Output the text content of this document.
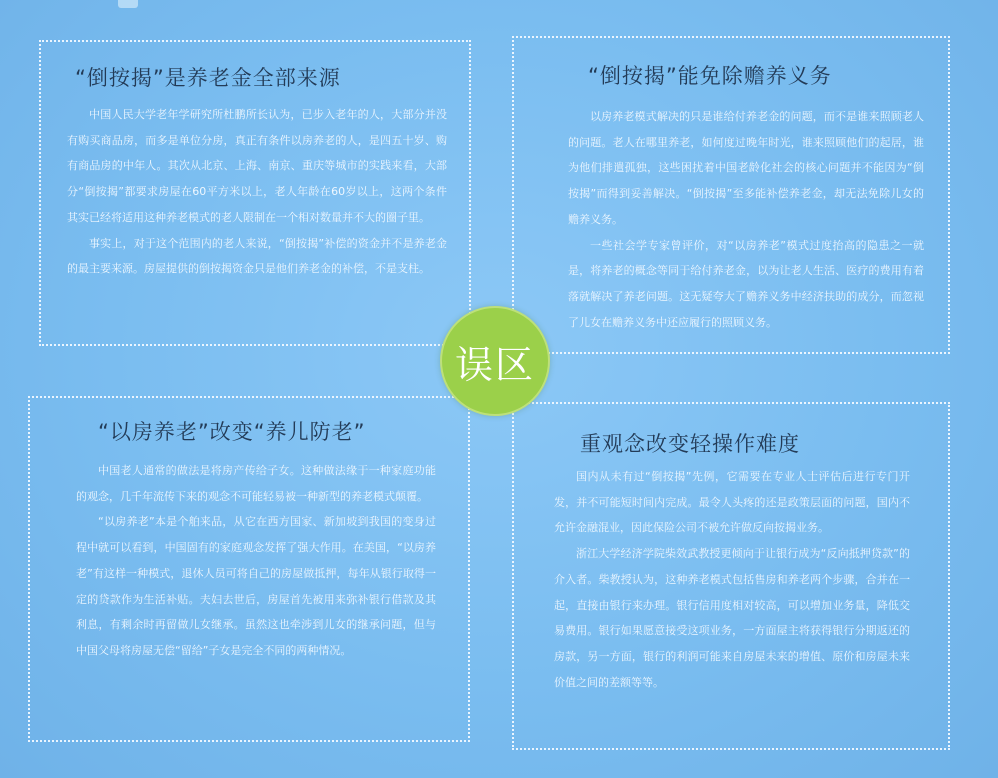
“倒按揭”是养老金全部来源

中国人民大学老年学研究所杜鹏所长认为，已步入老年的人，大部分并没有购买商品房，而多是单位分房，真正有条件以房养老的人，是四五十岁、购有商品房的中年人。其次从北京、上海、南京、重庆等城市的实践来看，大部分“倒按揭”都要求房屋在60平方米以上，老人年龄在60岁以上，这两个条件其实已经将适用这种养老模式的老人限制在一个相对数量并不大的圈子里。

事实上，对于这个范围内的老人来说，“倒按揭”补偿的资金并不是养老金的最主要来源。房屋提供的倒按揭资金只是他们养老金的补偿，不是支柱。

“倒按揭”能免除赡养义务

以房养老模式解决的只是谁给付养老金的问题，而不是谁来照顾老人的问题。老人在哪里养老，如何度过晚年时光，谁来照顾他们的起居，谁为他们排遣孤独，这些困扰着中国老龄化社会的核心问题并不能因为“倒按揭”而得到妥善解决。“倒按揭”至多能补偿养老金，却无法免除儿女的赡养义务。

一些社会学专家曾评价，对“以房养老”模式过度抬高的隐患之一就是，将养老的概念等同于给付养老金，以为让老人生活、医疗的费用有着落就解决了养老问题。这无疑夸大了赡养义务中经济扶助的成分，而忽视了儿女在赡养义务中还应履行的照顾义务。

“以房养老”改变“养儿防老”

中国老人通常的做法是将房产传给子女。这种做法缘于一种家庭功能的观念，几千年流传下来的观念不可能轻易被一种新型的养老模式颠覆。

“以房养老”本是个舶来品，从它在西方国家、新加坡到我国的变身过程中就可以看到，中国固有的家庭观念发挥了强大作用。在美国，“以房养老”有这样一种模式，退休人员可将自己的房屋做抵押，每年从银行取得一定的贷款作为生活补贴。夫妇去世后，房屋首先被用来弥补银行借款及其利息，有剩余时再留做儿女继承。虽然这也牵涉到儿女的继承问题，但与中国父母将房屋无偿“留给”子女是完全不同的两种情况。

重观念改变轻操作难度

国内从未有过“倒按揭”先例，它需要在专业人士评估后进行专门开发，并不可能短时间内完成。最令人头疼的还是政策层面的问题，国内不允许金融混业，因此保险公司不被允许做反向按揭业务。

浙江大学经济学院柴效武教授更倾向于让银行成为“反向抵押贷款”的介入者。柴教授认为，这种养老模式包括售房和养老两个步骤，合并在一起，直接由银行来办理。银行信用度相对较高，可以增加业务量，降低交易费用。银行如果愿意接受这项业务，一方面屋主将获得银行分期返还的房款，另一方面，银行的利润可能来自房屋未来的增值、原价和房屋未来价值之间的差额等等。

误区
